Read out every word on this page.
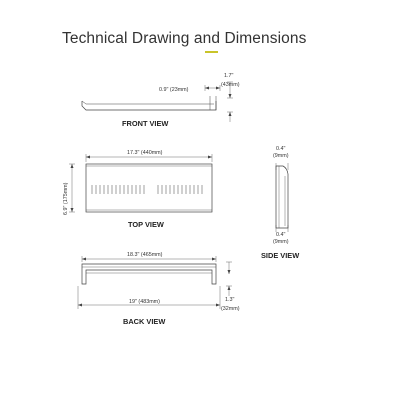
Technical Drawing and Dimensions
0.9" (23mm)
1.7"
(43mm)
FRONT VIEW
17.3" (440mm)
6.9" (175mm)
TOP VIEW
0.4"
(9mm)
0.4"
(9mm)
SIDE VIEW
18.3" (465mm)
19" (483mm)	1.3"
(32mm)
BACK VIEW
